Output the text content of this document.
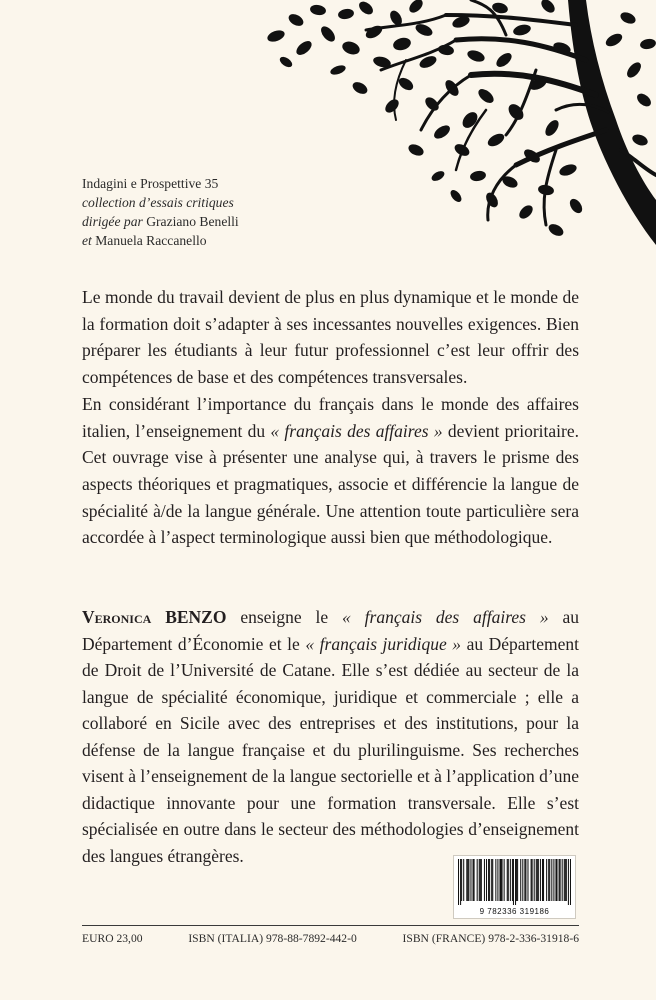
Indagini e Prospettive 35
collection d’essais critiques
dirigée par Graziano Benelli
et Manuela Raccanello

Le monde du travail devient de plus en plus dynamique et le monde de la formation doit s’adapter à ses incessantes nouvelles exigences. Bien préparer les étudiants à leur futur professionnel c’est leur offrir des compétences de base et des compétences transversales.

En considérant l’importance du français dans le monde des affaires italien, l’enseignement du « français des affaires » devient prioritaire. Cet ouvrage vise à présenter une analyse qui, à travers le prisme des aspects théoriques et pragmatiques, associe et différencie la langue de spécialité à/de la langue générale. Une attention toute particulière sera accordée à l’aspect terminologique aussi bien que méthodologique.

Veronica BENZO enseigne le « français des affaires » au Département d’Économie et le « français juridique » au Département de Droit de l’Université de Catane. Elle s’est dédiée au secteur de la langue de spécialité économique, juridique et commerciale ; elle a collaboré en Sicile avec des entreprises et des institutions, pour la défense de la langue française et du plurilinguisme. Ses recherches visent à l’enseignement de la langue sectorielle et à l’application d’une didactique innovante pour une formation transversale. Elle s’est spécialisée en outre dans le secteur des méthodologies d’enseignement des langues étrangères.

9 782336 319186
EURO 23,00	ISBN (ITALIA) 978-88-7892-442-0	ISBN (FRANCE) 978-2-336-31918-6
